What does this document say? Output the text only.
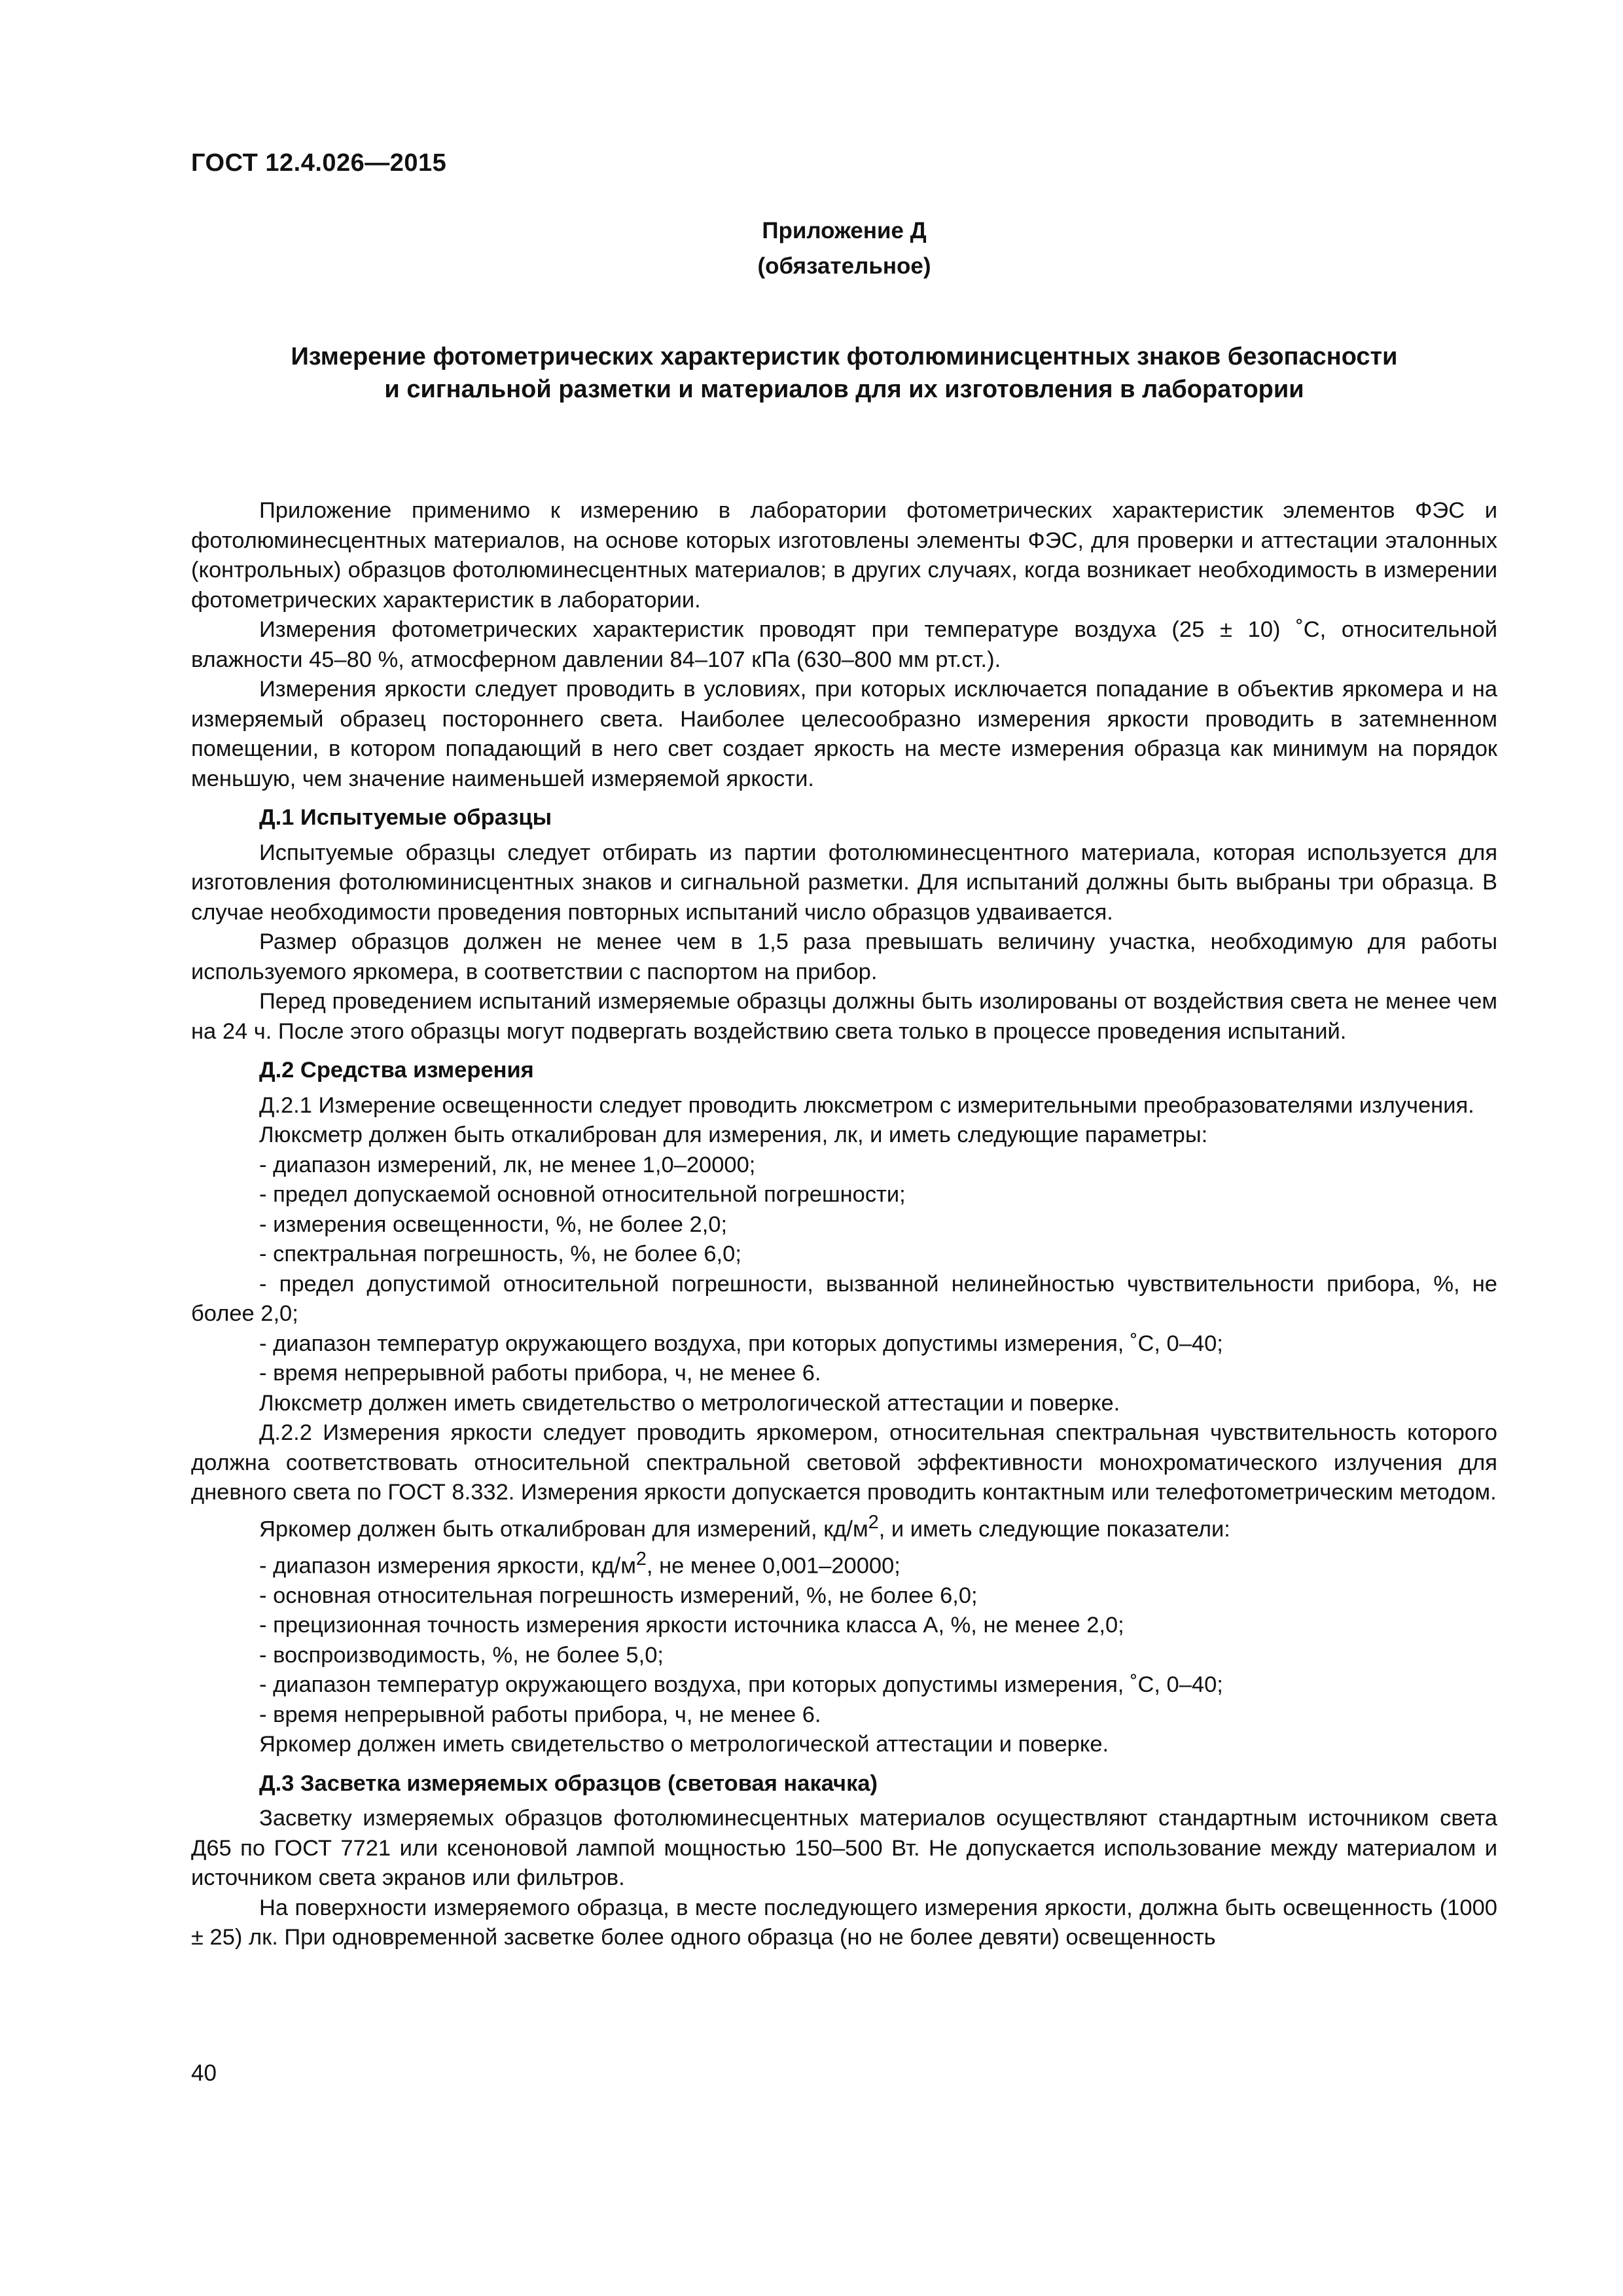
ГОСТ 12.4.026—2015
Приложение Д
(обязательное)
Измерение фотометрических характеристик фотолюминисцентных знаков безопасности
и сигнальной разметки и материалов для их изготовления в лаборатории

Приложение применимо к измерению в лаборатории фотометрических характеристик элементов ФЭС и фотолюминесцентных материалов, на основе которых изготовлены элементы ФЭС, для проверки и аттестации эталонных (контрольных) образцов фотолюминесцентных материалов; в других случаях, когда возникает необходимость в измерении фотометрических характеристик в лаборатории.

Измерения фотометрических характеристик проводят при температуре воздуха (25 ± 10) ˚С, относительной влажности 45–80 %, атмосферном давлении 84–107 кПа (630–800 мм рт.ст.).

Измерения яркости следует проводить в условиях, при которых исключается попадание в объектив яркомера и на измеряемый образец постороннего света. Наиболее целесообразно измерения яркости проводить в затемненном помещении, в котором попадающий в него свет создает яркость на месте измерения образца как минимум на порядок меньшую, чем значение наименьшей измеряемой яркости.

Д.1 Испытуемые образцы

Испытуемые образцы следует отбирать из партии фотолюминесцентного материала, которая используется для изготовления фотолюминисцентных знаков и сигнальной разметки. Для испытаний должны быть выбраны три образца. В случае необходимости проведения повторных испытаний число образцов удваивается.

Размер образцов должен не менее чем в 1,5 раза превышать величину участка, необходимую для работы используемого яркомера, в соответствии с паспортом на прибор.

Перед проведением испытаний измеряемые образцы должны быть изолированы от воздействия света не менее чем на 24 ч. После этого образцы могут подвергать воздействию света только в процессе проведения испытаний.

Д.2 Средства измерения

Д.2.1 Измерение освещенности следует проводить люксметром с измерительными преобразователями излучения.

Люксметр должен быть откалиброван для измерения, лк, и иметь следующие параметры:

- диапазон измерений, лк, не менее 1,0–20000;

- предел допускаемой основной относительной погрешности;

- измерения освещенности, %, не более 2,0;

- спектральная погрешность, %, не более 6,0;

- предел допустимой относительной погрешности, вызванной нелинейностью чувствительности прибора, %, не более 2,0;

- диапазон температур окружающего воздуха, при которых допустимы измерения, ˚С, 0–40;

- время непрерывной работы прибора, ч, не менее 6.

Люксметр должен иметь свидетельство о метрологической аттестации и поверке.

Д.2.2 Измерения яркости следует проводить яркомером, относительная спектральная чувствительность которого должна соответствовать относительной спектральной световой эффективности монохроматического излучения для дневного света по ГОСТ 8.332. Измерения яркости допускается проводить контактным или телефотометрическим методом.

Яркомер должен быть откалиброван для измерений, $кд/м^2$, и иметь следующие показатели:

- диапазон измерения яркости, $кд/м^2$, не менее 0,001–20000;

- основная относительная погрешность измерений, %, не более 6,0;

- прецизионная точность измерения яркости источника класса А, %, не менее 2,0;

- воспроизводимость, %, не более 5,0;

- диапазон температур окружающего воздуха, при которых допустимы измерения, ˚С, 0–40;

- время непрерывной работы прибора, ч, не менее 6.

Яркомер должен иметь свидетельство о метрологической аттестации и поверке.

Д.3 Засветка измеряемых образцов (световая накачка)

Засветку измеряемых образцов фотолюминесцентных материалов осуществляют стандартным источником света Д65 по ГОСТ 7721 или ксеноновой лампой мощностью 150–500 Вт. Не допускается использование между материалом и источником света экранов или фильтров.

На поверхности измеряемого образца, в месте последующего измерения яркости, должна быть освещенность (1000 ± 25) лк. При одновременной засветке более одного образца (но не более девяти) освещенность

40
